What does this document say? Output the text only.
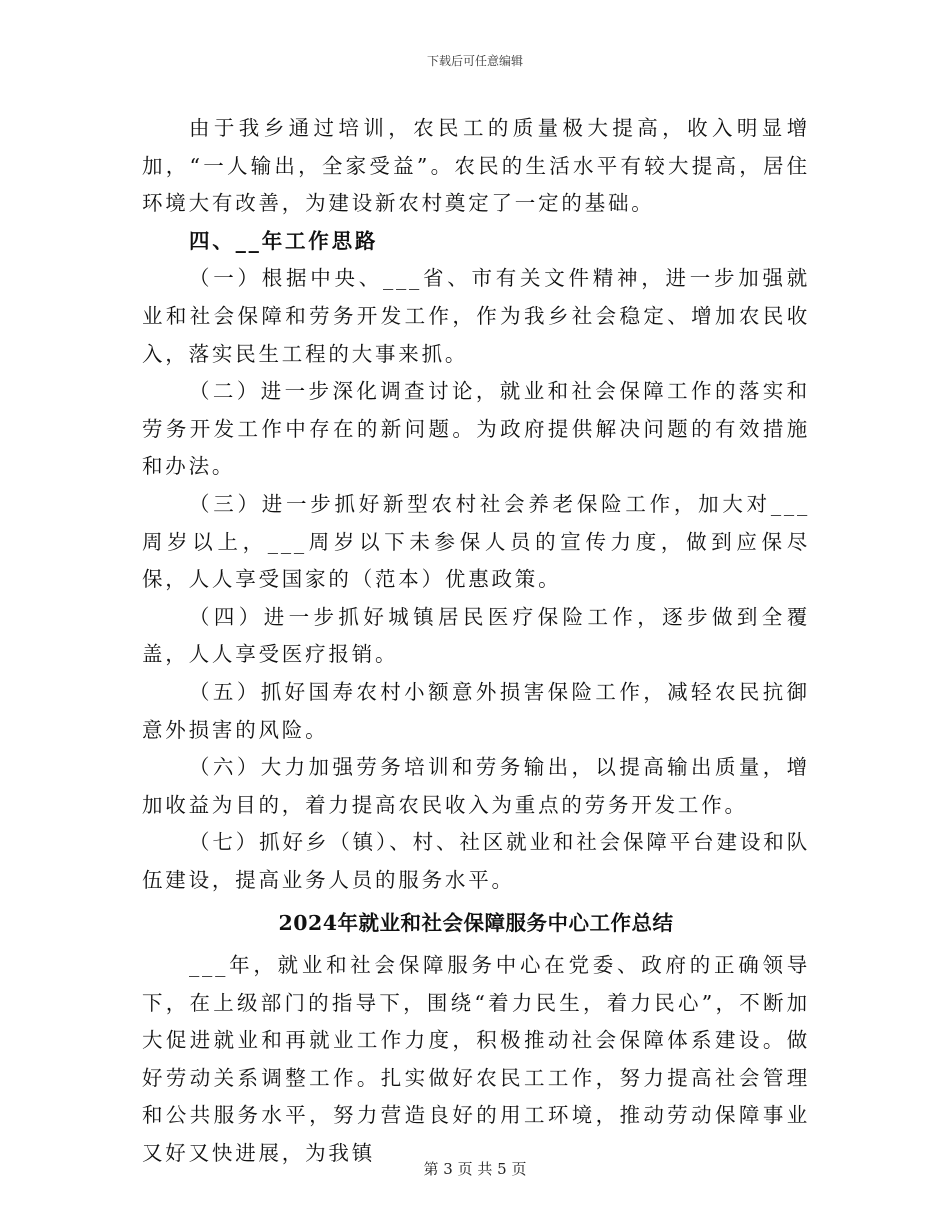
下载后可任意编辑

由于我乡通过培训，农民工的质量极大提高，收入明显增加，“一人输出，全家受益”。农民的生活水平有较大提高，居住环境大有改善，为建设新农村奠定了一定的基础。

四、__年工作思路

（一）根据中央、___省、市有关文件精神，进一步加强就业和社会保障和劳务开发工作，作为我乡社会稳定、增加农民收入，落实民生工程的大事来抓。

（二）进一步深化调查讨论，就业和社会保障工作的落实和劳务开发工作中存在的新问题。为政府提供解决问题的有效措施和办法。

（三）进一步抓好新型农村社会养老保险工作，加大对___周岁以上，___周岁以下未参保人员的宣传力度，做到应保尽保，人人享受国家的（范本）优惠政策。

（四）进一步抓好城镇居民医疗保险工作，逐步做到全覆盖，人人享受医疗报销。

（五）抓好国寿农村小额意外损害保险工作，减轻农民抗御意外损害的风险。

（六）大力加强劳务培训和劳务输出，以提高输出质量，增加收益为目的，着力提高农民收入为重点的劳务开发工作。

（七）抓好乡（镇）、村、社区就业和社会保障平台建设和队伍建设，提高业务人员的服务水平。

2024年就业和社会保障服务中心工作总结

___年，就业和社会保障服务中心在党委、政府的正确领导下，在上级部门的指导下，围绕“着力民生，着力民心”，不断加大促进就业和再就业工作力度，积极推动社会保障体系建设。做好劳动关系调整工作。扎实做好农民工工作，努力提高社会管理和公共服务水平，努力营造良好的用工环境，推动劳动保障事业又好又快进展，为我镇

第 3 页 共 5 页
